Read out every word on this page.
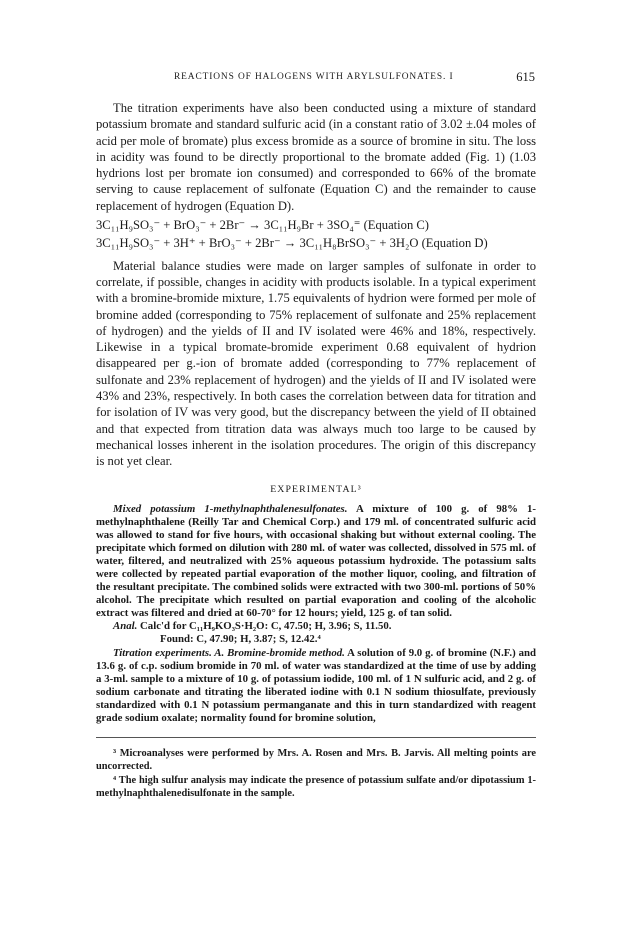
REACTIONS OF HALOGENS WITH ARYLSULFONATES. I	615

The titration experiments have also been conducted using a mixture of standard potassium bromate and standard sulfuric acid (in a constant ratio of 3.02 ±.04 moles of acid per mole of bromate) plus excess bromide as a source of bromine in situ. The loss in acidity was found to be directly proportional to the bromate added (Fig. 1) (1.03 hydrions lost per bromate ion consumed) and corresponded to 66% of the bromate serving to cause replacement of sulfonate (Equation C) and the remainder to cause replacement of hydrogen (Equation D).

3C₁₁H₉SO₃⁻ + BrO₃⁻ + 2Br⁻ → 3C₁₁H₉Br + 3SO₄⁼ (Equation C)

3C₁₁H₉SO₃⁻ + 3H⁺ + BrO₃⁻ + 2Br⁻ → 3C₁₁H₈BrSO₃⁻ + 3H₂O (Equation D)

Material balance studies were made on larger samples of sulfonate in order to correlate, if possible, changes in acidity with products isolable. In a typical experiment with a bromine-bromide mixture, 1.75 equivalents of hydrion were formed per mole of bromine added (corresponding to 75% replacement of sulfonate and 25% replacement of hydrogen) and the yields of II and IV isolated were 46% and 18%, respectively. Likewise in a typical bromate-bromide experiment 0.68 equivalent of hydrion disappeared per g.-ion of bromate added (corresponding to 77% replacement of sulfonate and 23% replacement of hydrogen) and the yields of II and IV isolated were 43% and 23%, respectively. In both cases the correlation between data for titration and for isolation of IV was very good, but the discrepancy between the yield of II obtained and that expected from titration data was always much too large to be caused by mechanical losses inherent in the isolation procedures. The origin of this discrepancy is not yet clear.

EXPERIMENTAL³

Mixed potassium 1-methylnaphthalenesulfonates. A mixture of 100 g. of 98% 1-methylnaphthalene (Reilly Tar and Chemical Corp.) and 179 ml. of concentrated sulfuric acid was allowed to stand for five hours, with occasional shaking but without external cooling. The precipitate which formed on dilution with 280 ml. of water was collected, dissolved in 575 ml. of water, filtered, and neutralized with 25% aqueous potassium hydroxide. The potassium salts were collected by repeated partial evaporation of the mother liquor, cooling, and filtration of the resultant precipitate. The combined solids were extracted with two 300-ml. portions of 50% alcohol. The precipitate which resulted on partial evaporation and cooling of the alcoholic extract was filtered and dried at 60-70° for 12 hours; yield, 125 g. of tan solid.

Anal. Calc'd for C₁₁H₉KO₃S·H₂O: C, 47.50; H, 3.96; S, 11.50.

Found: C, 47.90; H, 3.87; S, 12.42.⁴

Titration experiments. A. Bromine-bromide method. A solution of 9.0 g. of bromine (N.F.) and 13.6 g. of c.p. sodium bromide in 70 ml. of water was standardized at the time of use by adding a 3-ml. sample to a mixture of 10 g. of potassium iodide, 100 ml. of 1 N sulfuric acid, and 2 g. of sodium carbonate and titrating the liberated iodine with 0.1 N sodium thiosulfate, previously standardized with 0.1 N potassium permanganate and this in turn standardized with reagent grade sodium oxalate; normality found for bromine solution,

³ Microanalyses were performed by Mrs. A. Rosen and Mrs. B. Jarvis. All melting points are uncorrected.

⁴ The high sulfur analysis may indicate the presence of potassium sulfate and/or dipotassium 1-methylnaphthalenedisulfonate in the sample.
